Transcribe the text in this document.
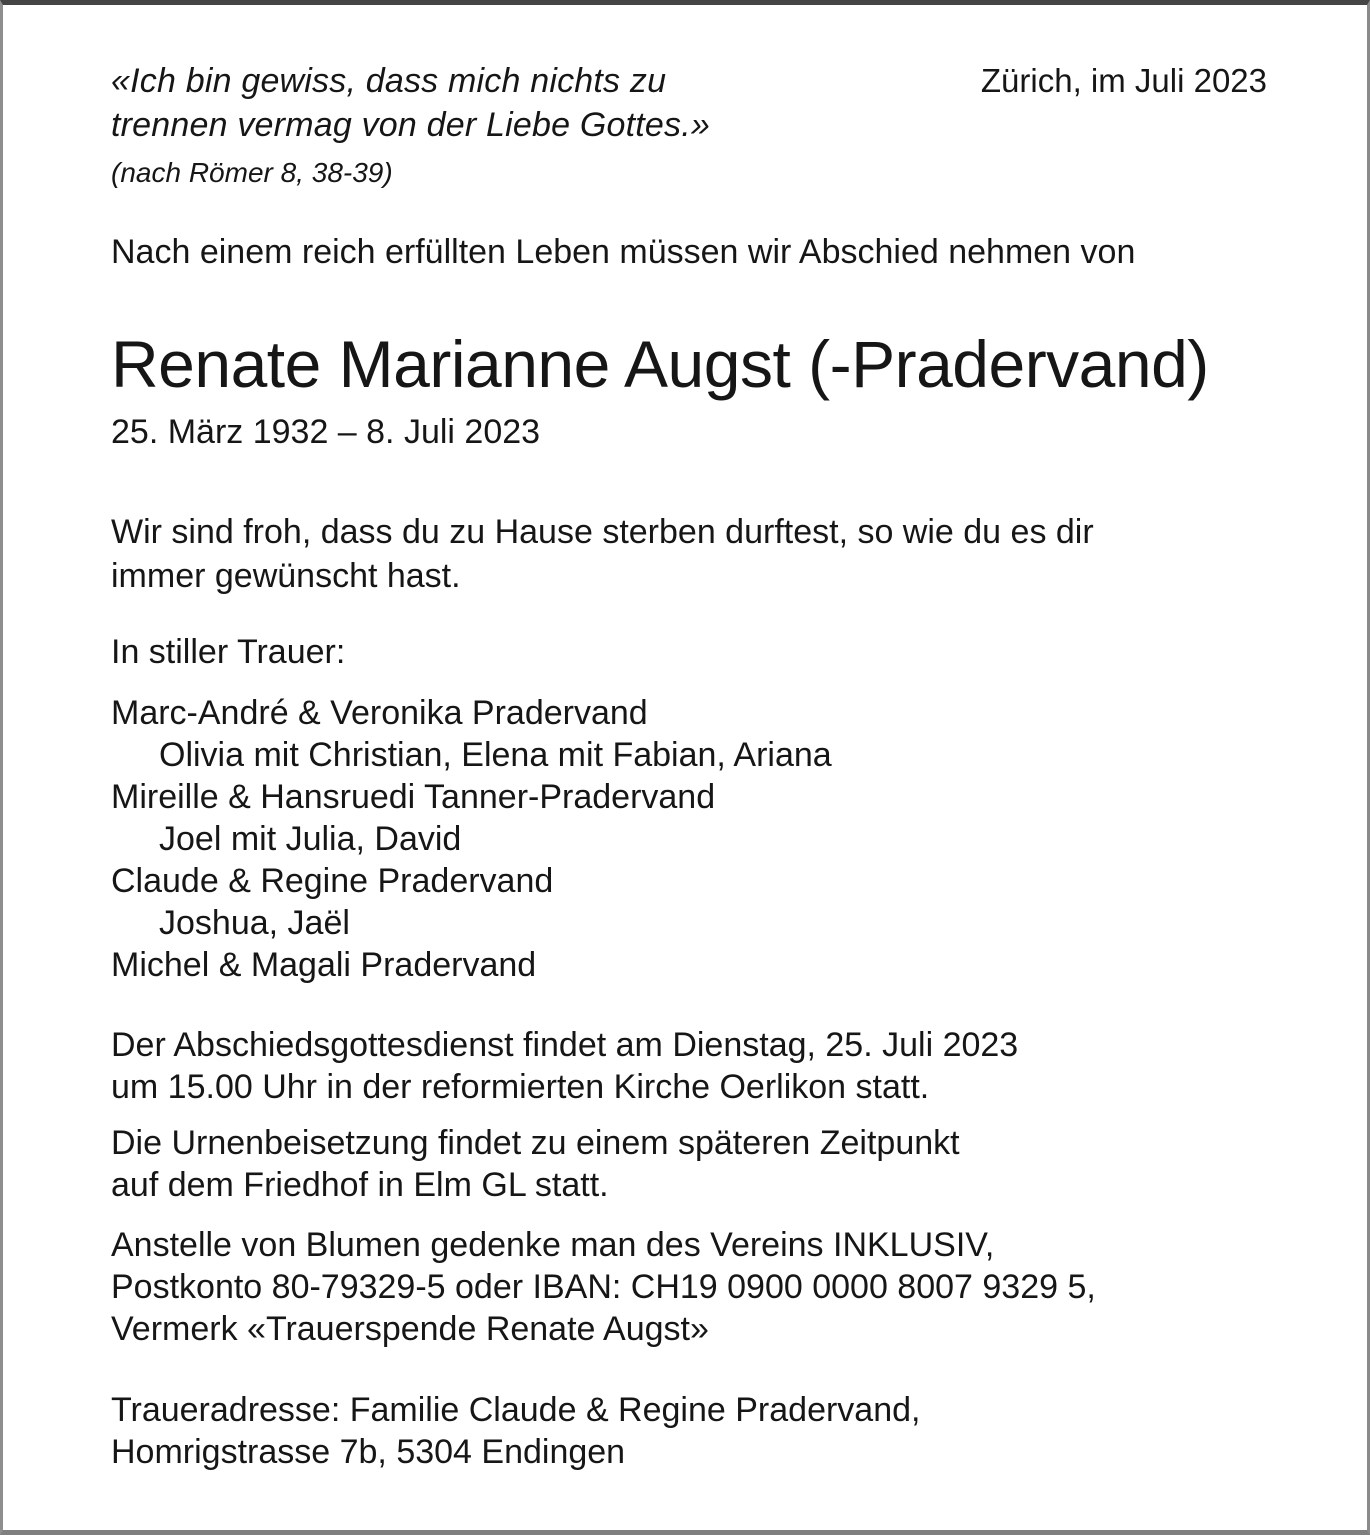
«Ich bin gewiss, dass mich nichts zu
trennen vermag von der Liebe Gottes.»
Zürich, im Juli 2023
(nach Römer 8, 38-39)

Nach einem reich erfüllten Leben müssen wir Abschied nehmen von

Renate Marianne Augst (-Pradervand)
25. März 1932 – 8. Juli 2023

Wir sind froh, dass du zu Hause sterben durftest, so wie du es dir
immer gewünscht hast.

In stiller Trauer:
Marc-André & Veronika Pradervand
Olivia mit Christian, Elena mit Fabian, Ariana
Mireille & Hansruedi Tanner-Pradervand
Joel mit Julia, David
Claude & Regine Pradervand
Joshua, Jaël
Michel & Magali Pradervand
Der Abschiedsgottesdienst findet am Dienstag, 25. Juli 2023
um 15.00 Uhr in der reformierten Kirche Oerlikon statt.
Die Urnenbeisetzung findet zu einem späteren Zeitpunkt
auf dem Friedhof in Elm GL statt.
Anstelle von Blumen gedenke man des Vereins INKLUSIV,
Postkonto 80-79329-5 oder IBAN: CH19 0900 0000 8007 9329 5,
Vermerk «Trauerspende Renate Augst»
Traueradresse: Familie Claude & Regine Pradervand,
Homrigstrasse 7b, 5304 Endingen
